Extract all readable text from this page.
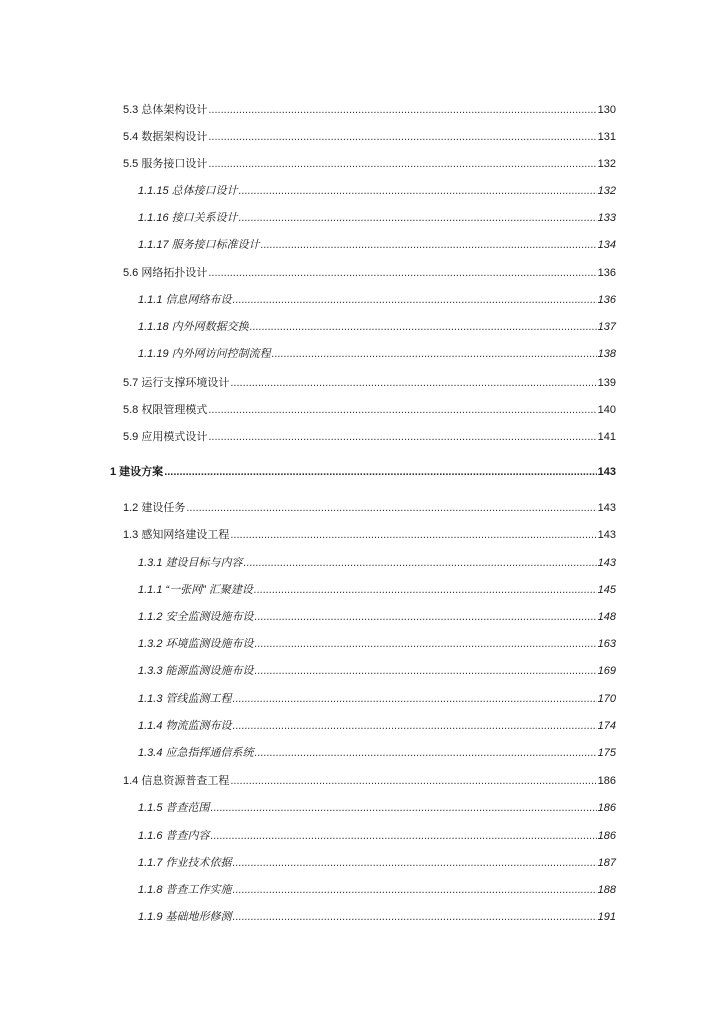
5.3 总体架构设计 .....	130
5.4 数据架构设计 .....	131
5.5 服务接口设计 .....	132
1.1.15 总体接口设计 .....	132
1.1.16 接口关系设计 .....	133
1.1.17 服务接口标准设计 .....	134
5.6 网络拓扑设计 .....	136
1.1.1 信息网络布设 .....	136
1.1.18 内外网数据交换 .....	137
1.1.19 内外网访问控制流程 .....	138
5.7 运行支撑环境设计 .....	139
5.8 权限管理模式 .....	140
5.9 应用模式设计 .....	141
1 建设方案 .....	143
1.2 建设任务 .....	143
1.3 感知网络建设工程 .....	143
1.3.1 建设目标与内容 .....	143
1.1.1 “一张网” 汇聚建设 .....	145
1.1.2 安全监测设施布设 .....	148
1.3.2 环境监测设施布设 .....	163
1.3.3 能源监测设施布设 .....	169
1.1.3 管线监测工程 .....	170
1.1.4 物流监测布设 .....	174
1.3.4 应急指挥通信系统 .....	175
1.4 信息资源普查工程 .....	186
1.1.5 普查范围 .....	186
1.1.6 普查内容 .....	186
1.1.7 作业技术依据 .....	187
1.1.8 普查工作实施 .....	188
1.1.9 基础地形修测 .....	191
